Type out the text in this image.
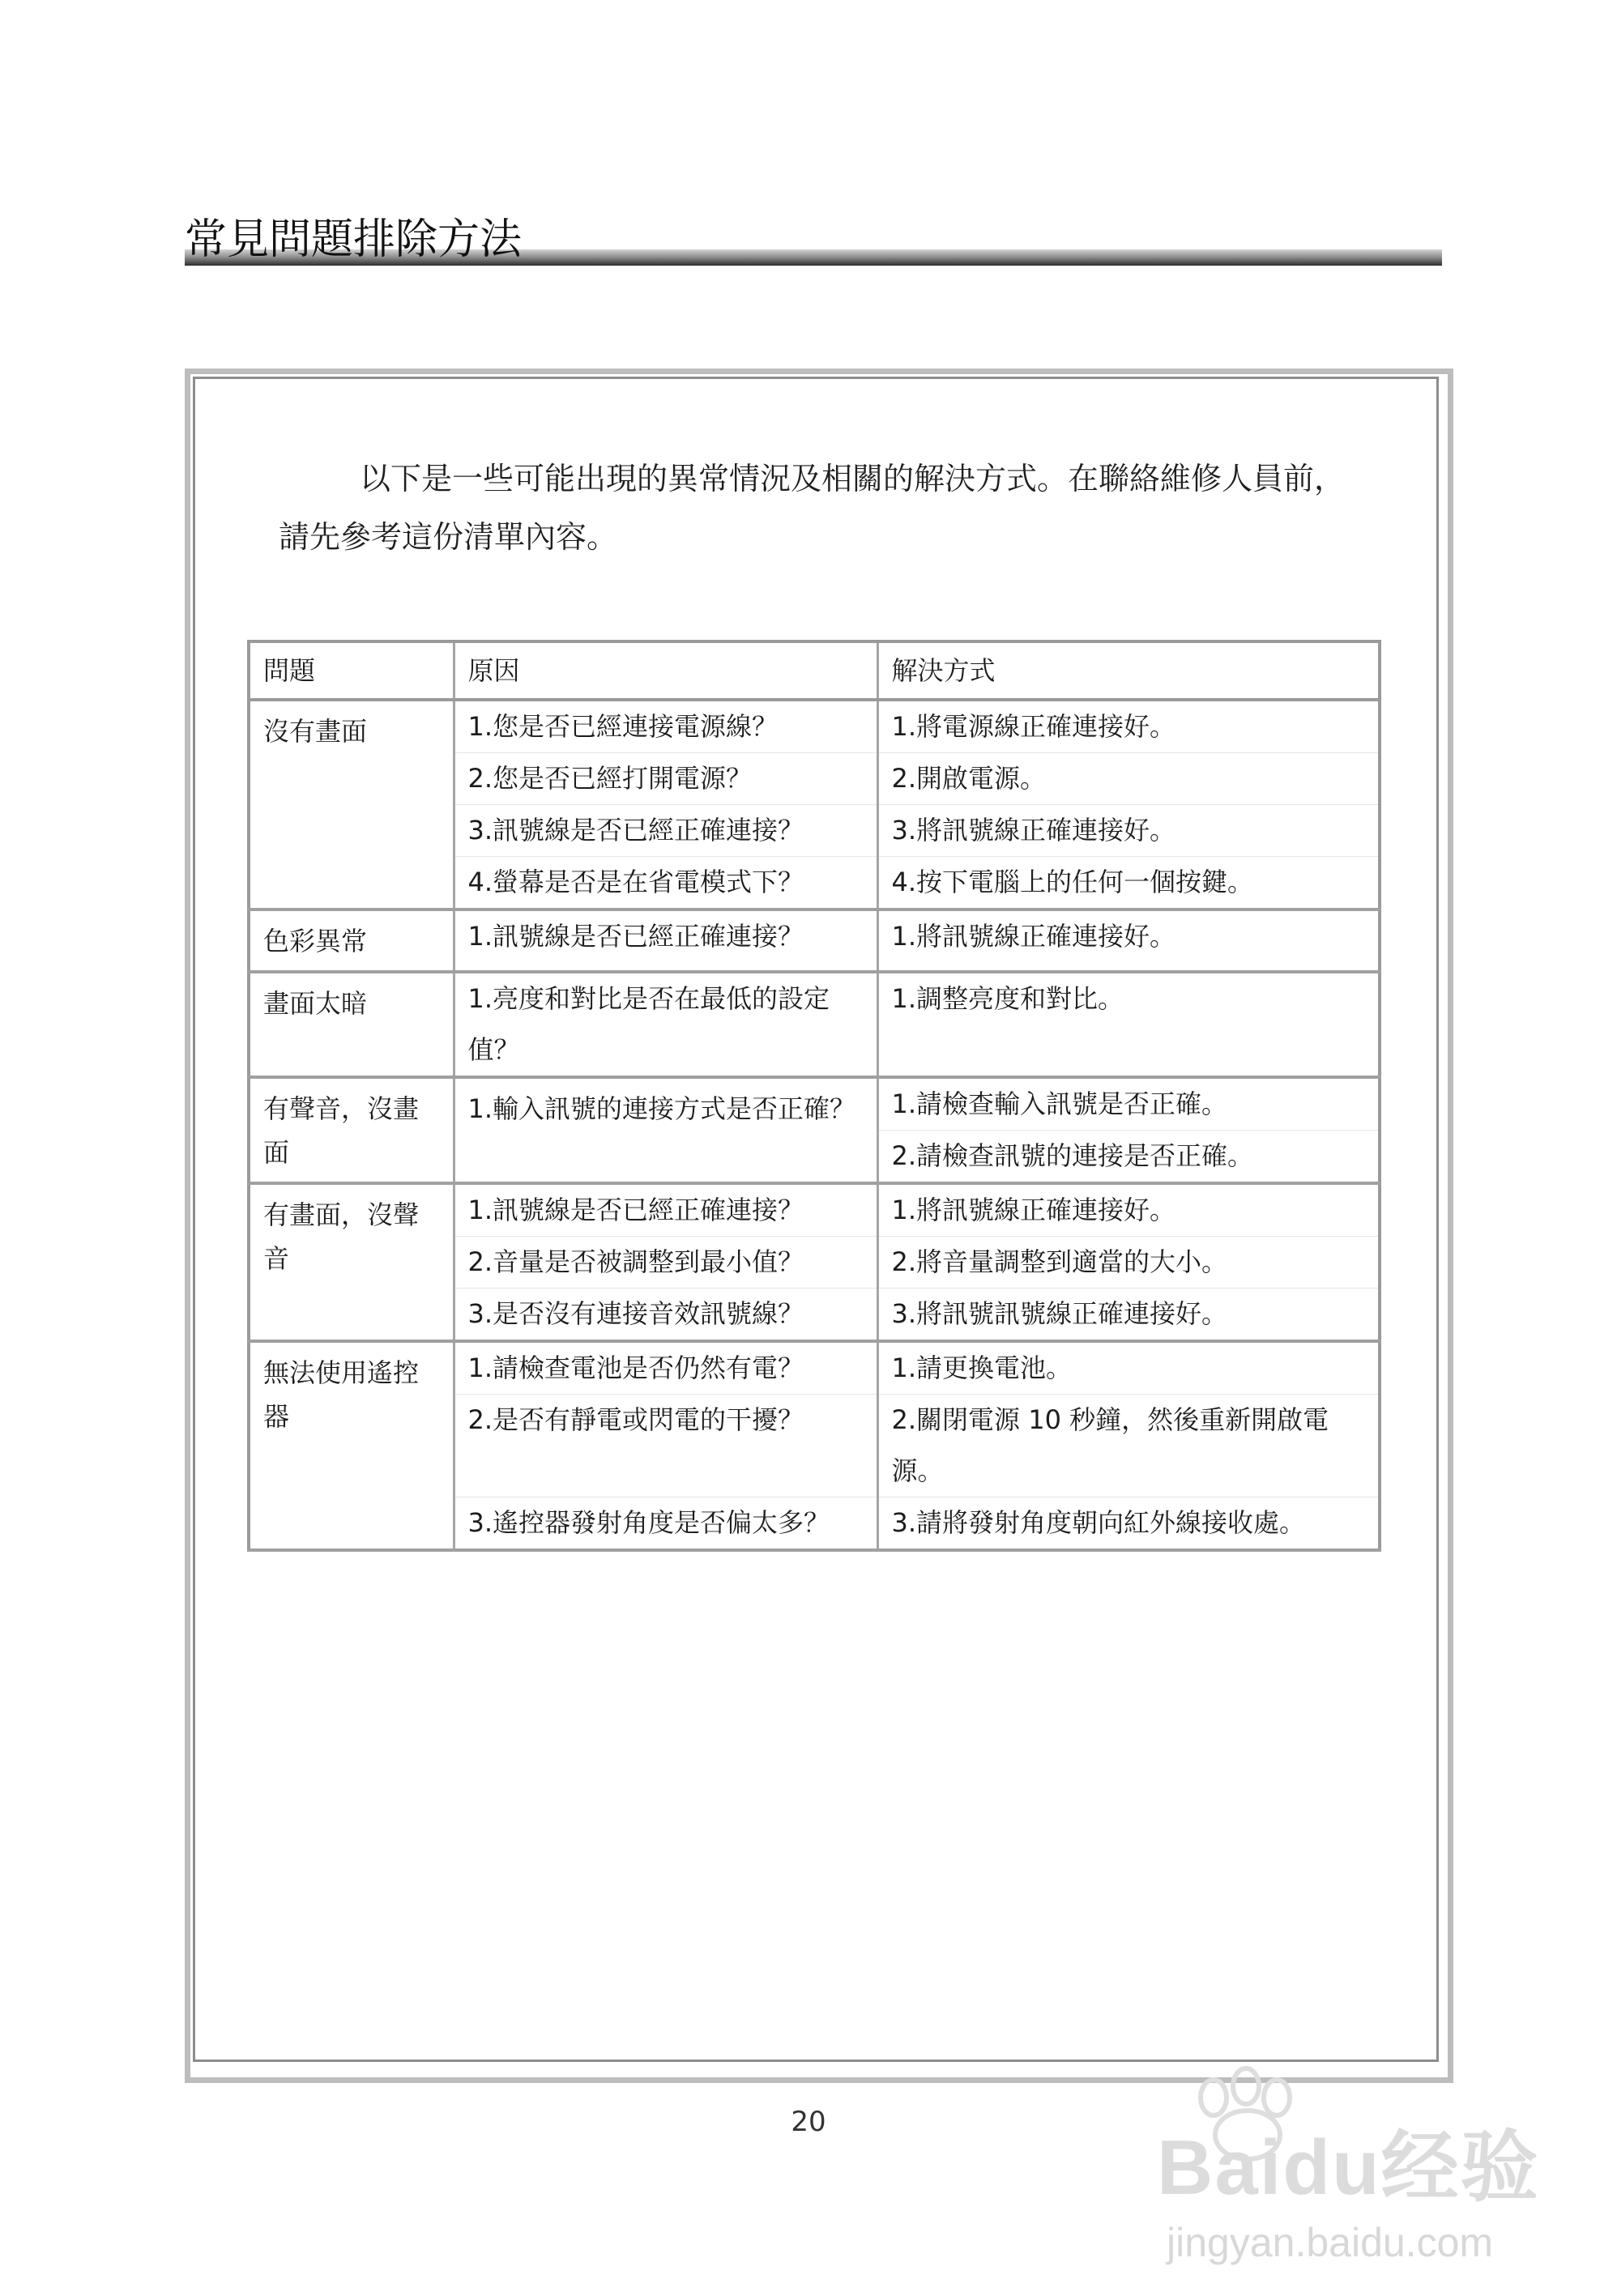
常見問題排除方法
以下是一些可能出現的異常情況及相關的解決方式。在聯絡維修人員前，
請先參考這份清單內容。
問題	原因	解決方式
沒有畫面	1.您是否已經連接電源線？	1.將電源線正確連接好。
	2.您是否已經打開電源？	2.開啟電源。
	3.訊號線是否已經正確連接？	3.將訊號線正確連接好。
	4.螢幕是否是在省電模式下？	4.按下電腦上的任何一個按鍵。
色彩異常	1.訊號線是否已經正確連接？	1.將訊號線正確連接好。
畫面太暗	1.亮度和對比是否在最低的設定值？	1.調整亮度和對比。
有聲音，沒畫面	1.輸入訊號的連接方式是否正確？	1.請檢查輸入訊號是否正確。
		2.請檢查訊號的連接是否正確。
有畫面，沒聲音	1.訊號線是否已經正確連接？	1.將訊號線正確連接好。
	2.音量是否被調整到最小值？	2.將音量調整到適當的大小。
	3.是否沒有連接音效訊號線？	3.將訊號訊號線正確連接好。
無法使用遙控器	1.請檢查電池是否仍然有電？	1.請更換電池。
	2.是否有靜電或閃電的干擾？	2.關閉電源 10 秒鐘，然後重新開啟電源。
	3.遙控器發射角度是否偏太多？	3.請將發射角度朝向紅外線接收處。
20
Baidu经验
jingyan.baidu.com
